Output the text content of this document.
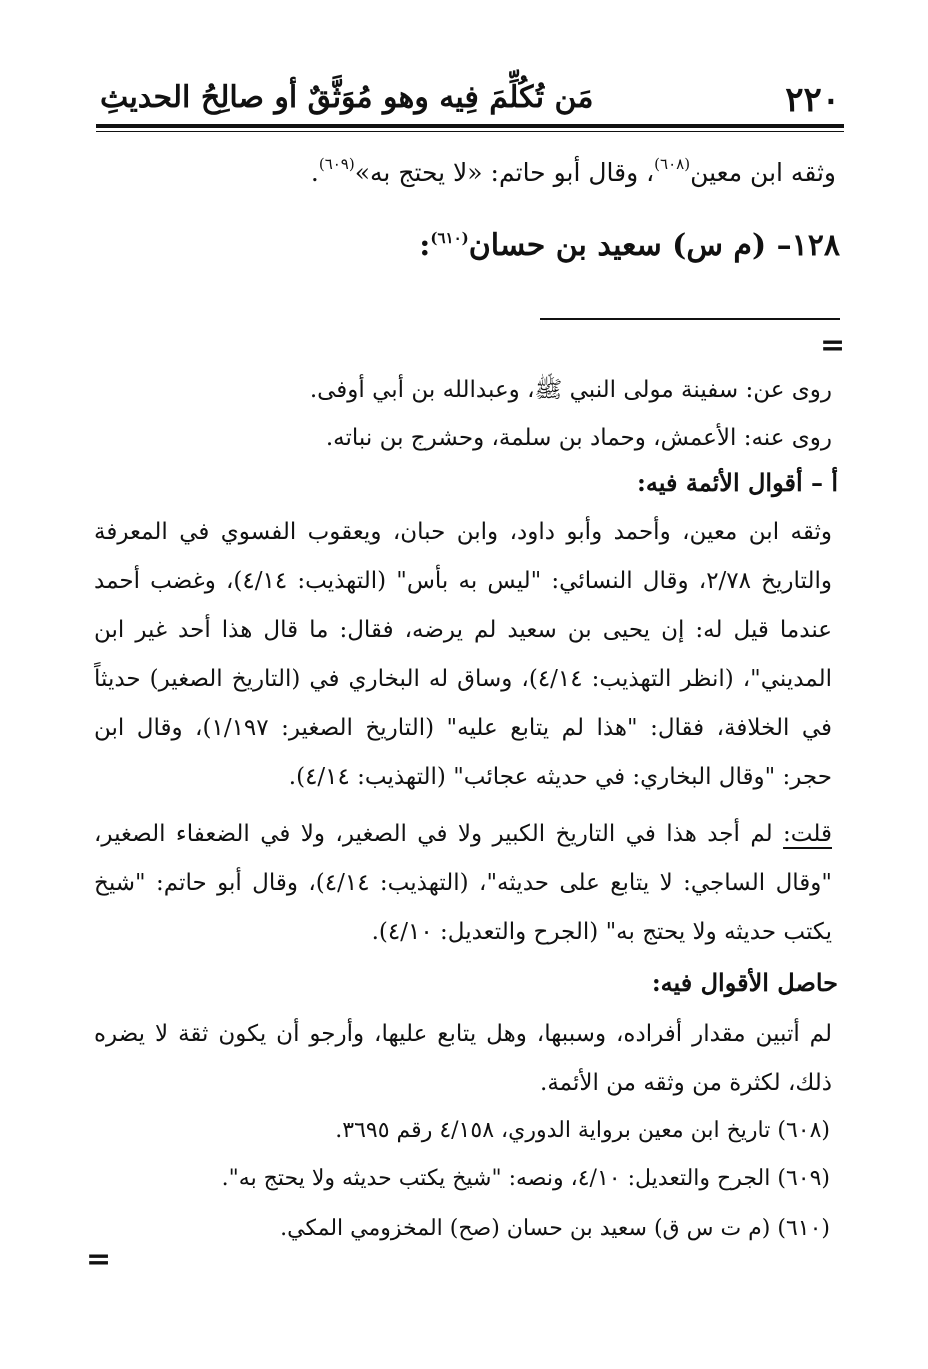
٢٢٠
مَن تُكُلِّمَ فِيه وهو مُوَثَّقٌ أو صالِحُ الحديثِ
وثقه ابن معين$^{(٦٠٨)}$، وقال أبو حاتم: «لا يحتج به»$^{(٦٠٩)}$.
١٢٨– (م س) سعيد بن حسان$^{(٦١٠)}$:
=
روى عن: سفينة مولى النبي ﷺ، وعبدالله بن أبي أوفى.
روى عنه: الأعمش، وحماد بن سلمة، وحشرج بن نباته.
أ – أقوال الأئمة فيه:
وثقه ابن معين، وأحمد وأبو داود، وابن حبان، ويعقوب الفسوي في المعرفة والتاريخ ٢/٧٨، وقال النسائي: "ليس به بأس" (التهذيب: ٤/١٤)، وغضب أحمد عندما قيل له: إن يحيى بن سعيد لم يرضه، فقال: ما قال هذا أحد غير ابن المديني"، (انظر التهذيب: ٤/١٤)، وساق له البخاري في (التاريخ الصغير) حديثاً في الخلافة، فقال: "هذا لم يتابع عليه" (التاريخ الصغير: ١/١٩٧)، وقال ابن حجر: "وقال البخاري: في حديثه عجائب" (التهذيب: ٤/١٤).
قلت: لم أجد هذا في التاريخ الكبير ولا في الصغير، ولا في الضعفاء الصغير، "وقال الساجي: لا يتابع على حديثه"، (التهذيب: ٤/١٤)، وقال أبو حاتم: "شيخ يكتب حديثه ولا يحتج به" (الجرح والتعديل: ٤/١٠).
حاصل الأقوال فيه:
لم أتبين مقدار أفراده، وسببها، وهل يتابع عليها، وأرجو أن يكون ثقة لا يضره ذلك، لكثرة من وثقه من الأئمة.
(٦٠٨) تاريخ ابن معين برواية الدوري، ٤/١٥٨ رقم ٣٦٩٥.
(٦٠٩) الجرح والتعديل: ٤/١٠، ونصه: "شيخ يكتب حديثه ولا يحتج به".
(٦١٠) (م ت س ق) سعيد بن حسان (صح) المخزومي المكي.
=
